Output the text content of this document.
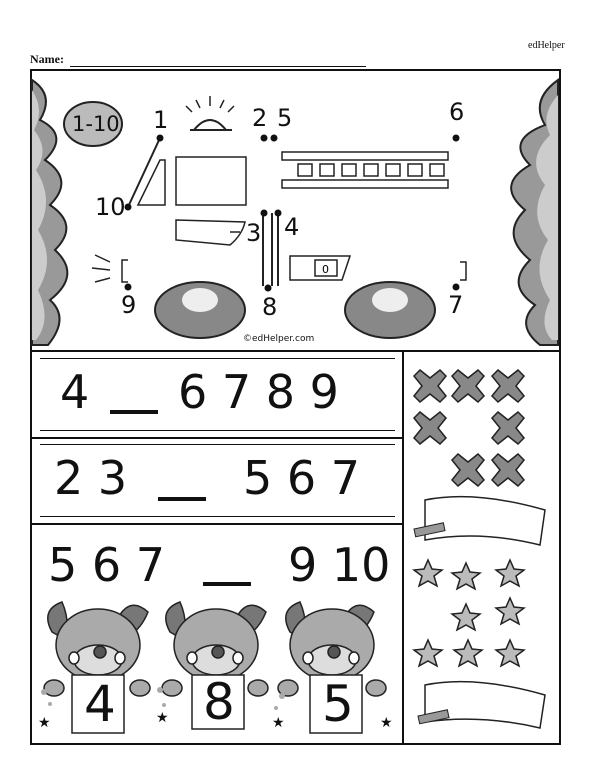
edHelper
Name:
0
1-10 1	2 5	6
10
3 4
9	8	7
©edHelper.com
4 6 7 8 9
2 3	5 6 7
5 6 7	9 10
★	★	★	★
4 8 5
